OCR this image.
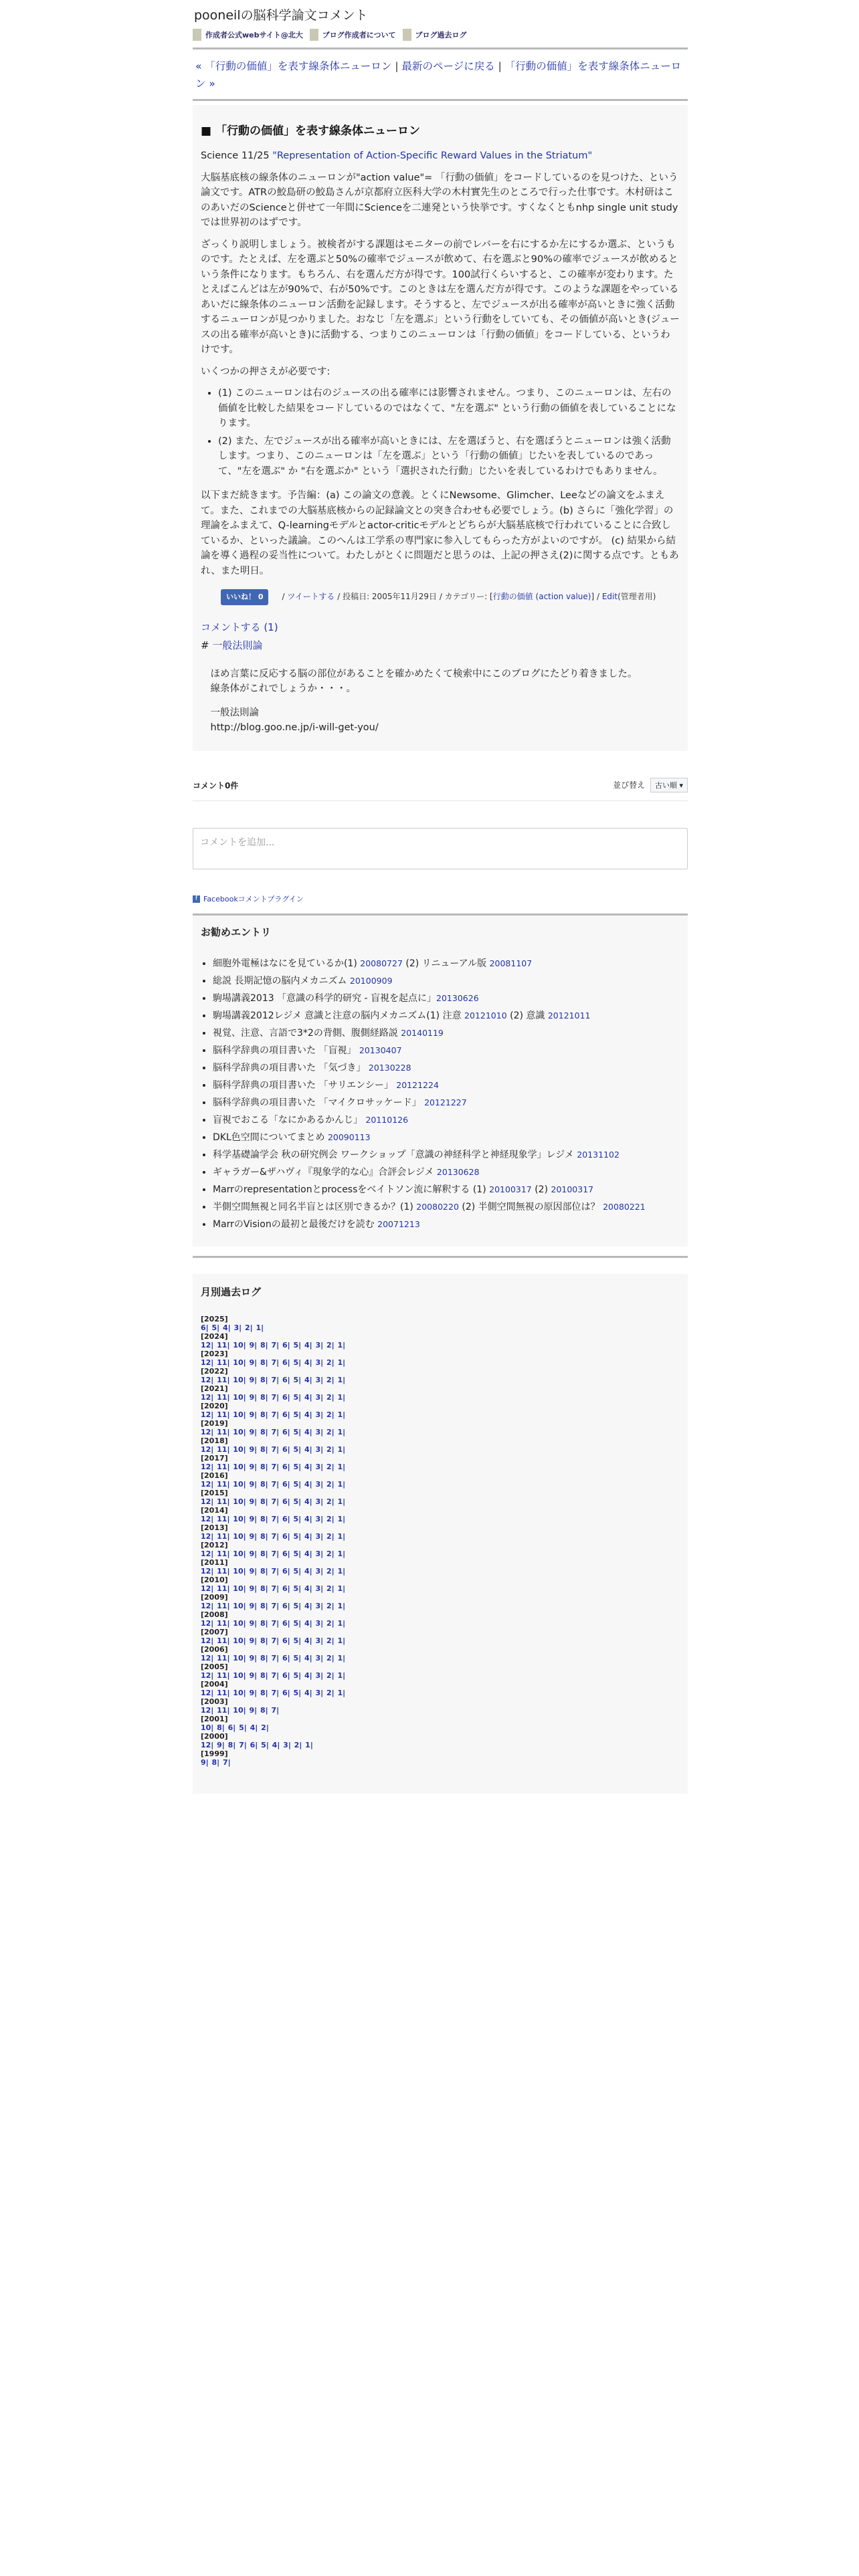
pooneilの脳科学論文コメント
作成者公式webサイト@北大	ブログ作成者について	ブログ過去ログ
« 「行動の価値」を表す線条体ニューロン | 最新のページに戻る | 「行動の価値」を表す線条体ニューロン »
■ 「行動の価値」を表す線条体ニューロン

Science 11/25 "Representation of Action-Specific Reward Values in the Striatum"

大脳基底核の線条体のニューロンが"action value"= 「行動の価値」をコードしているのを見つけた、という論文です。ATRの鮫島研の鮫島さんが京都府立医科大学の木村實先生のところで行った仕事です。木村研はこのあいだのScienceと併せて一年間にScienceを二連発という快挙です。すくなくともnhp single unit studyでは世界初のはずです。

ざっくり説明しましょう。被検者がする課題はモニターの前でレバーを右にするか左にするか選ぶ、というものです。たとえば、左を選ぶと50%の確率でジュースが飲めて、右を選ぶと90%の確率でジュースが飲めるという条件になります。もちろん、右を選んだ方が得です。100試行くらいすると、この確率が変わります。たとえばこんどは左が90%で、右が50%です。このときは左を選んだ方が得です。このような課題をやっているあいだに線条体のニューロン活動を記録します。そうすると、左でジュースが出る確率が高いときに強く活動するニューロンが見つかりました。おなじ「左を選ぶ」という行動をしていても、その価値が高いとき(ジュースの出る確率が高いとき)に活動する、つまりこのニューロンは「行動の価値」をコードしている、というわけです。

いくつかの押さえが必要です:

• (1) このニューロンは右のジュースの出る確率には影響されません。つまり、このニューロンは、左右の価値を比較した結果をコードしているのではなくて、"左を選ぶ" という行動の価値を表していることになります。
• (2) また、左でジュースが出る確率が高いときには、左を選ぼうと、右を選ぼうとニューロンは強く活動します。つまり、このニューロンは「左を選ぶ」という「行動の価値」じたいを表しているのであって、"左を選ぶ" か "右を選ぶか" という「選択された行動」じたいを表しているわけでもありません。

以下まだ続きます。予告編：(a) この論文の意義。とくにNewsome、Glimcher、Leeなどの論文をふまえて。また、これまでの大脳基底核からの記録論文との突き合わせも必要でしょう。(b) さらに「強化学習」の理論をふまえて、Q-learningモデルとactor-criticモデルとどちらが大脳基底核で行われていることに合致しているか、といった議論。このへんは工学系の専門家に参入してもらった方がよいのですが。 (c) 結果から結論を導く過程の妥当性について。わたしがとくに問題だと思うのは、上記の押さえ(2)に関する点です。ともあれ、また明日。

いいね！ 0 / ツイートする / 投稿日: 2005年11月29日 / カテゴリー: [行動の価値 (action value)] / Edit(管理者用)
コメントする (1)
# 一般法則論

　ほめ言葉に反応する脳の部位があることを確かめたくて検索中にこのブログにたどり着きました。
　線条体がこれでしょうか・・・。

　一般法則論
　http://blog.goo.ne.jp/i-will-get-you/

コメント0件	並び替え 古い順 ▾
コメントを追加...
f Facebookコメントプラグイン
お勧めエントリ
• 細胞外電極はなにを見ているか(1) 20080727 (2) リニューアル版 20081107
• 総説 長期記憶の脳内メカニズム 20100909
• 駒場講義2013 「意識の科学的研究 - 盲視を起点に」20130626
• 駒場講義2012レジメ 意識と注意の脳内メカニズム(1) 注意 20121010 (2) 意識 20121011
• 視覚、注意、言語で3*2の背側、腹側経路説 20140119
• 脳科学辞典の項目書いた 「盲視」 20130407
• 脳科学辞典の項目書いた 「気づき」 20130228
• 脳科学辞典の項目書いた 「サリエンシー」 20121224
• 脳科学辞典の項目書いた 「マイクロサッケード」 20121227
• 盲視でおこる「なにかあるかんじ」 20110126
• DKL色空間についてまとめ 20090113
• 科学基礎論学会 秋の研究例会 ワークショップ「意識の神経科学と神経現象学」レジメ 20131102
• ギャラガー&ザハヴィ『現象学的な心』合評会レジメ 20130628
• Marrのrepresentationとprocessをベイトソン流に解釈する (1) 20100317 (2) 20100317
• 半側空間無視と同名半盲とは区別できるか？(1) 20080220 (2) 半側空間無視の原因部位は？ 20080221
• MarrのVisionの最初と最後だけを読む 20071213
月別過去ログ
[2025]
6| 5| 4| 3| 2| 1|
[2024]
12| 11| 10| 9| 8| 7| 6| 5| 4| 3| 2| 1|
[2023]
12| 11| 10| 9| 8| 7| 6| 5| 4| 3| 2| 1|
[2022]
12| 11| 10| 9| 8| 7| 6| 5| 4| 3| 2| 1|
[2021]
12| 11| 10| 9| 8| 7| 6| 5| 4| 3| 2| 1|
[2020]
12| 11| 10| 9| 8| 7| 6| 5| 4| 3| 2| 1|
[2019]
12| 11| 10| 9| 8| 7| 6| 5| 4| 3| 2| 1|
[2018]
12| 11| 10| 9| 8| 7| 6| 5| 4| 3| 2| 1|
[2017]
12| 11| 10| 9| 8| 7| 6| 5| 4| 3| 2| 1|
[2016]
12| 11| 10| 9| 8| 7| 6| 5| 4| 3| 2| 1|
[2015]
12| 11| 10| 9| 8| 7| 6| 5| 4| 3| 2| 1|
[2014]
12| 11| 10| 9| 8| 7| 6| 5| 4| 3| 2| 1|
[2013]
12| 11| 10| 9| 8| 7| 6| 5| 4| 3| 2| 1|
[2012]
12| 11| 10| 9| 8| 7| 6| 5| 4| 3| 2| 1|
[2011]
12| 11| 10| 9| 8| 7| 6| 5| 4| 3| 2| 1|
[2010]
12| 11| 10| 9| 8| 7| 6| 5| 4| 3| 2| 1|
[2009]
12| 11| 10| 9| 8| 7| 6| 5| 4| 3| 2| 1|
[2008]
12| 11| 10| 9| 8| 7| 6| 5| 4| 3| 2| 1|
[2007]
12| 11| 10| 9| 8| 7| 6| 5| 4| 3| 2| 1|
[2006]
12| 11| 10| 9| 8| 7| 6| 5| 4| 3| 2| 1|
[2005]
12| 11| 10| 9| 8| 7| 6| 5| 4| 3| 2| 1|
[2004]
12| 11| 10| 9| 8| 7| 6| 5| 4| 3| 2| 1|
[2003]
12| 11| 10| 9| 8| 7|
[2001]
10| 8| 6| 5| 4| 2|
[2000]
12| 9| 8| 7| 6| 5| 4| 3| 2| 1|
[1999]
9| 8| 7|
